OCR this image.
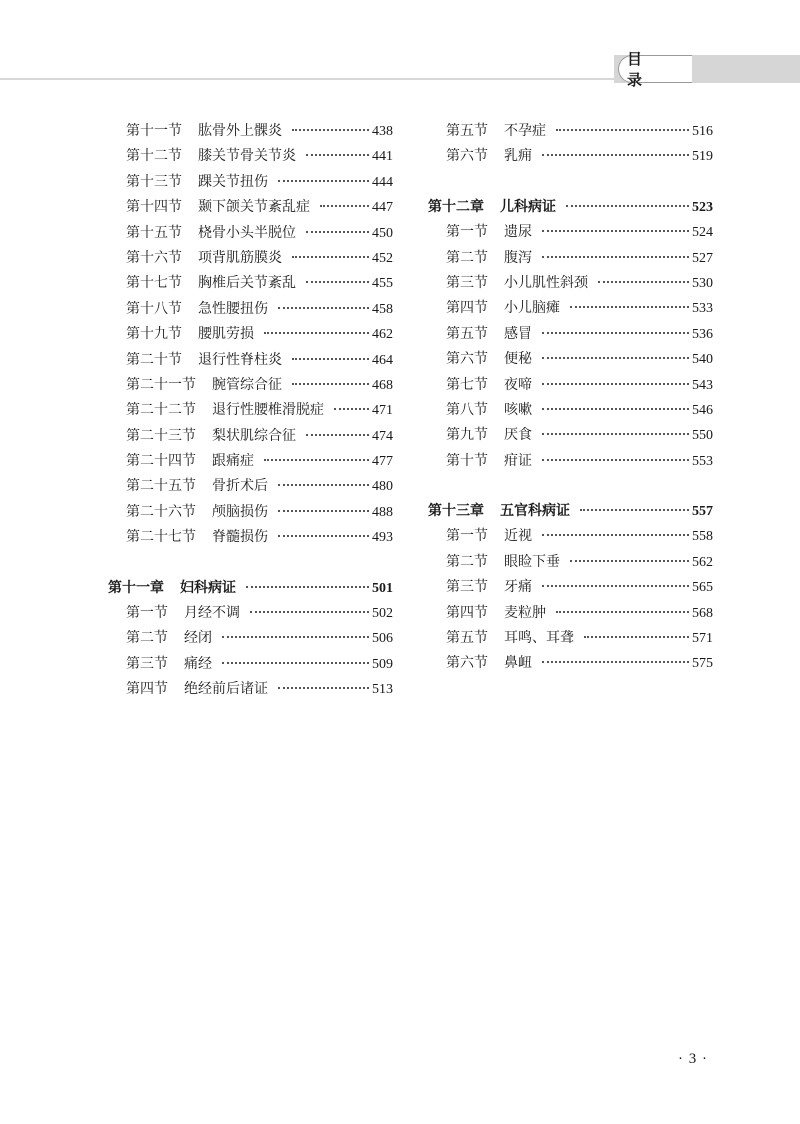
目 录
第十一节 肱骨外上髁炎	438
第十二节 膝关节骨关节炎	441
第十三节 踝关节扭伤	444
第十四节 颞下颌关节紊乱症	447
第十五节 桡骨小头半脱位	450
第十六节 项背肌筋膜炎	452
第十七节 胸椎后关节紊乱	455
第十八节 急性腰扭伤	458
第十九节 腰肌劳损	462
第二十节 退行性脊柱炎	464
第二十一节 腕管综合征	468
第二十二节 退行性腰椎滑脱症	471
第二十三节 梨状肌综合征	474
第二十四节 跟痛症	477
第二十五节 骨折术后	480
第二十六节 颅脑损伤	488
第二十七节 脊髓损伤	493
第十一章 妇科病证	501
第一节 月经不调	502
第二节 经闭	506
第三节 痛经	509
第四节 绝经前后诸证	513
第五节 不孕症	516
第六节 乳痈	519
第十二章 儿科病证	523
第一节 遗尿	524
第二节 腹泻	527
第三节 小儿肌性斜颈	530
第四节 小儿脑瘫	533
第五节 感冒	536
第六节 便秘	540
第七节 夜啼	543
第八节 咳嗽	546
第九节 厌食	550
第十节 疳证	553
第十三章 五官科病证	557
第一节 近视	558
第二节 眼睑下垂	562
第三节 牙痛	565
第四节 麦粒肿	568
第五节 耳鸣、耳聋	571
第六节 鼻衄	575
· 3 ·
